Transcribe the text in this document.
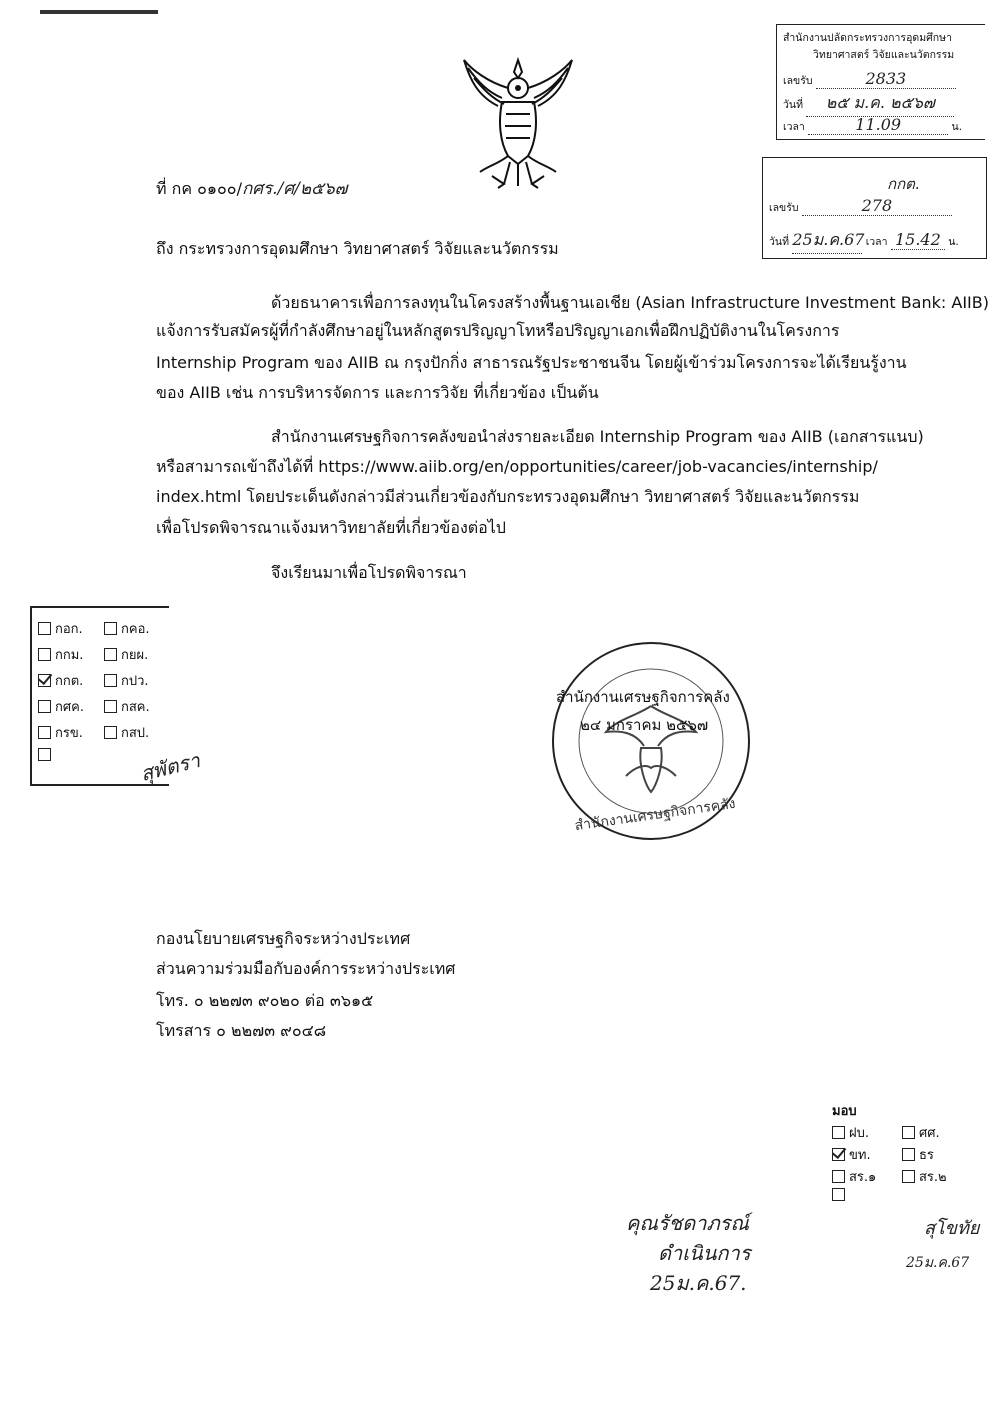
สำนักงานปลัดกระทรวงการอุดมศึกษา
วิทยาศาสตร์ วิจัยและนวัตกรรม
เลขรับ	2833
วันที่ ๒๕ ม.ค. ๒๕๖๗
เวลา	11.09	น.
กกต.
เลขรับ	278
วันที่ 25ม.ค.67 เวลา 15.42 น.
ที่ กค ๐๑๐๐/กศร./ศ/๒๕๖๗
ถึง กระทรวงการอุดมศึกษา วิทยาศาสตร์ วิจัยและนวัตกรรม
ด้วยธนาคารเพื่อการลงทุนในโครงสร้างพื้นฐานเอเชีย (Asian Infrastructure Investment Bank: AIIB)
แจ้งการรับสมัครผู้ที่กำลังศึกษาอยู่ในหลักสูตรปริญญาโทหรือปริญญาเอกเพื่อฝึกปฏิบัติงานในโครงการ
Internship Program ของ AIIB ณ กรุงปักกิ่ง สาธารณรัฐประชาชนจีน โดยผู้เข้าร่วมโครงการจะได้เรียนรู้งาน
ของ AIIB เช่น การบริหารจัดการ และการวิจัย ที่เกี่ยวข้อง เป็นต้น
สำนักงานเศรษฐกิจการคลังขอนำส่งรายละเอียด Internship Program ของ AIIB (เอกสารแนบ)
หรือสามารถเข้าถึงได้ที่ https://www.aiib.org/en/opportunities/career/job-vacancies/internship/
index.html โดยประเด็นดังกล่าวมีส่วนเกี่ยวข้องกับกระทรวงอุดมศึกษา วิทยาศาสตร์ วิจัยและนวัตกรรม
เพื่อโปรดพิจารณาแจ้งมหาวิทยาลัยที่เกี่ยวข้องต่อไป
จึงเรียนมาเพื่อโปรดพิจารณา
กอก.	กคอ.
กกม.	กยผ.
กกต.	กปว.
กศค.	กสค.
กรข.	กสป.
สุพัตรา
สำนักงานเศรษฐกิจการคลัง
๒๔ มกราคม ๒๕๖๗
สำนักงานเศรษฐกิจการคลัง
กองนโยบายเศรษฐกิจระหว่างประเทศ
ส่วนความร่วมมือกับองค์การระหว่างประเทศ
โทร. ๐ ๒๒๗๓ ๙๐๒๐ ต่อ ๓๖๑๕
โทรสาร ๐ ๒๒๗๓ ๙๐๔๘
มอบ
ฝบ.	ศศ.
ขท.	ธร
สร.๑	สร.๒
คุณรัชดาภรณ์
ดำเนินการ
25ม.ค.67.
สุโขทัย
25ม.ค.67
